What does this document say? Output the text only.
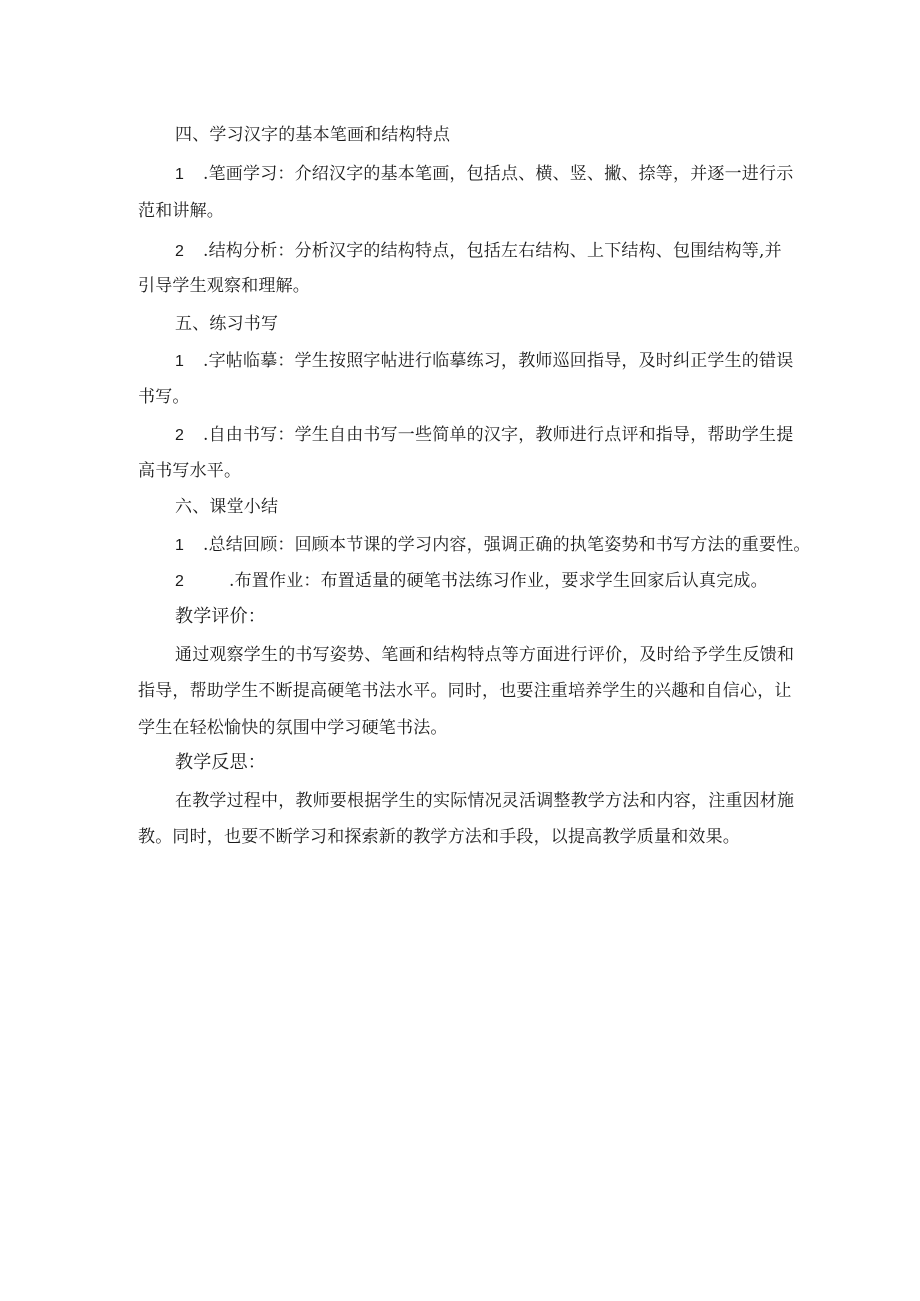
四、学习汉字的基本笔画和结构特点
1 .笔画学习：介绍汉字的基本笔画，包括点、横、竖、撇、捺等，并逐一进行示
范和讲解。
2 .结构分析：分析汉字的结构特点，包括左右结构、上下结构、包围结构等,并
引导学生观察和理解。
五、练习书写
1 .字帖临摹：学生按照字帖进行临摹练习，教师巡回指导，及时纠正学生的错误
书写。
2 .自由书写：学生自由书写一些简单的汉字，教师进行点评和指导，帮助学生提
高书写水平。
六、课堂小结
1 .总结回顾：回顾本节课的学习内容，强调正确的执笔姿势和书写方法的重要性。
2	.布置作业：布置适量的硬笔书法练习作业，要求学生回家后认真完成。
教学评价：
通过观察学生的书写姿势、笔画和结构特点等方面进行评价，及时给予学生反馈和
指导，帮助学生不断提高硬笔书法水平。同时，也要注重培养学生的兴趣和自信心，让
学生在轻松愉快的氛围中学习硬笔书法。
教学反思：
在教学过程中，教师要根据学生的实际情况灵活调整教学方法和内容，注重因材施
教。同时，也要不断学习和探索新的教学方法和手段，以提高教学质量和效果。
